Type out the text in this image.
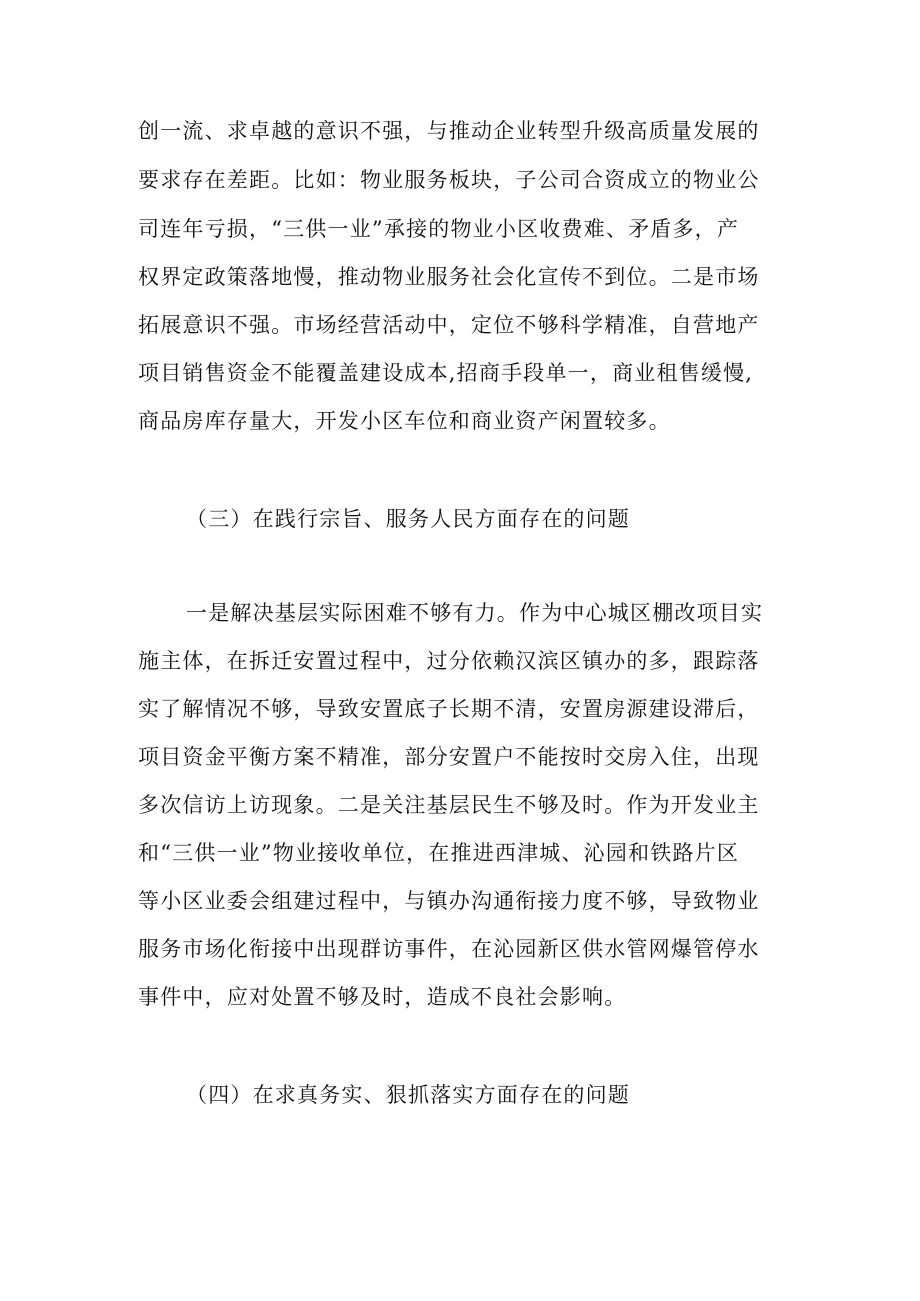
创一流、求卓越的意识不强，与推动企业转型升级高质量发展的
要求存在差距。比如：物业服务板块，子公司合资成立的物业公
司连年亏损，“三供一业”承接的物业小区收费难、矛盾多，产
权界定政策落地慢，推动物业服务社会化宣传不到位。二是市场
拓展意识不强。市场经营活动中，定位不够科学精准，自营地产
项目销售资金不能覆盖建设成本,招商手段单一，商业租售缓慢,
商品房库存量大，开发小区车位和商业资产闲置较多。
（三）在践行宗旨、服务人民方面存在的问题
一是解决基层实际困难不够有力。作为中心城区棚改项目实
施主体，在拆迁安置过程中，过分依赖汉滨区镇办的多，跟踪落
实了解情况不够，导致安置底子长期不清，安置房源建设滞后，
项目资金平衡方案不精准，部分安置户不能按时交房入住，出现
多次信访上访现象。二是关注基层民生不够及时。作为开发业主
和“三供一业”物业接收单位，在推进西津城、沁园和铁路片区
等小区业委会组建过程中，与镇办沟通衔接力度不够，导致物业
服务市场化衔接中出现群访事件，在沁园新区供水管网爆管停水
事件中，应对处置不够及时，造成不良社会影响。
（四）在求真务实、狠抓落实方面存在的问题
